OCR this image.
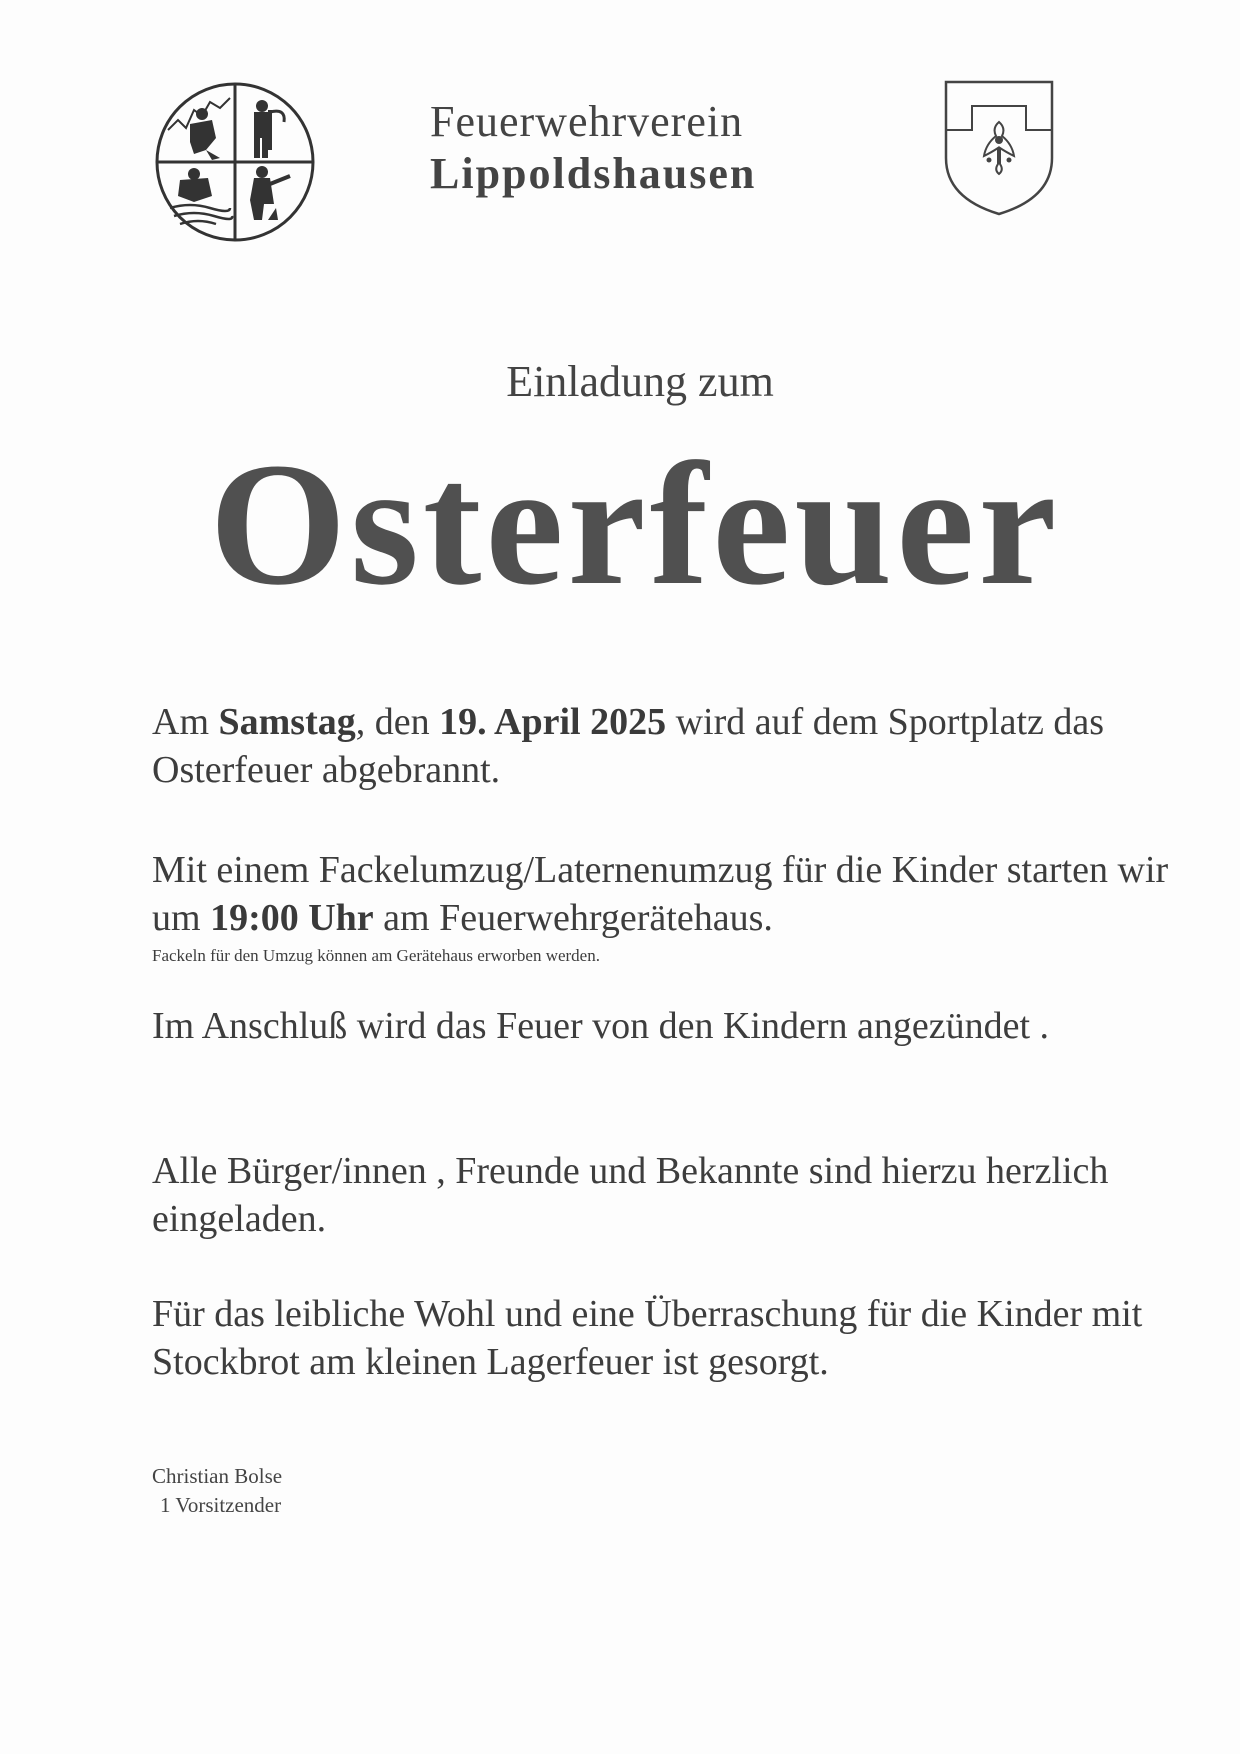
Feuerwehrverein
Lippoldshausen
Einladung zum
Osterfeuer
Am Samstag, den 19. April 2025 wird auf dem Sportplatz das Osterfeuer abgebrannt.
Mit einem Fackelumzug/Laternenumzug für die Kinder starten wir um 19:00 Uhr am Feuerwehrgerätehaus.
Fackeln für den Umzug können am Gerätehaus erworben werden.
Im Anschluß wird das Feuer von den Kindern angezündet .
Alle Bürger/innen , Freunde und Bekannte sind hierzu herzlich eingeladen.
Für das leibliche Wohl und eine Überraschung für die Kinder mit Stockbrot am kleinen Lagerfeuer ist gesorgt.
Christian Bolse
1 Vorsitzender
